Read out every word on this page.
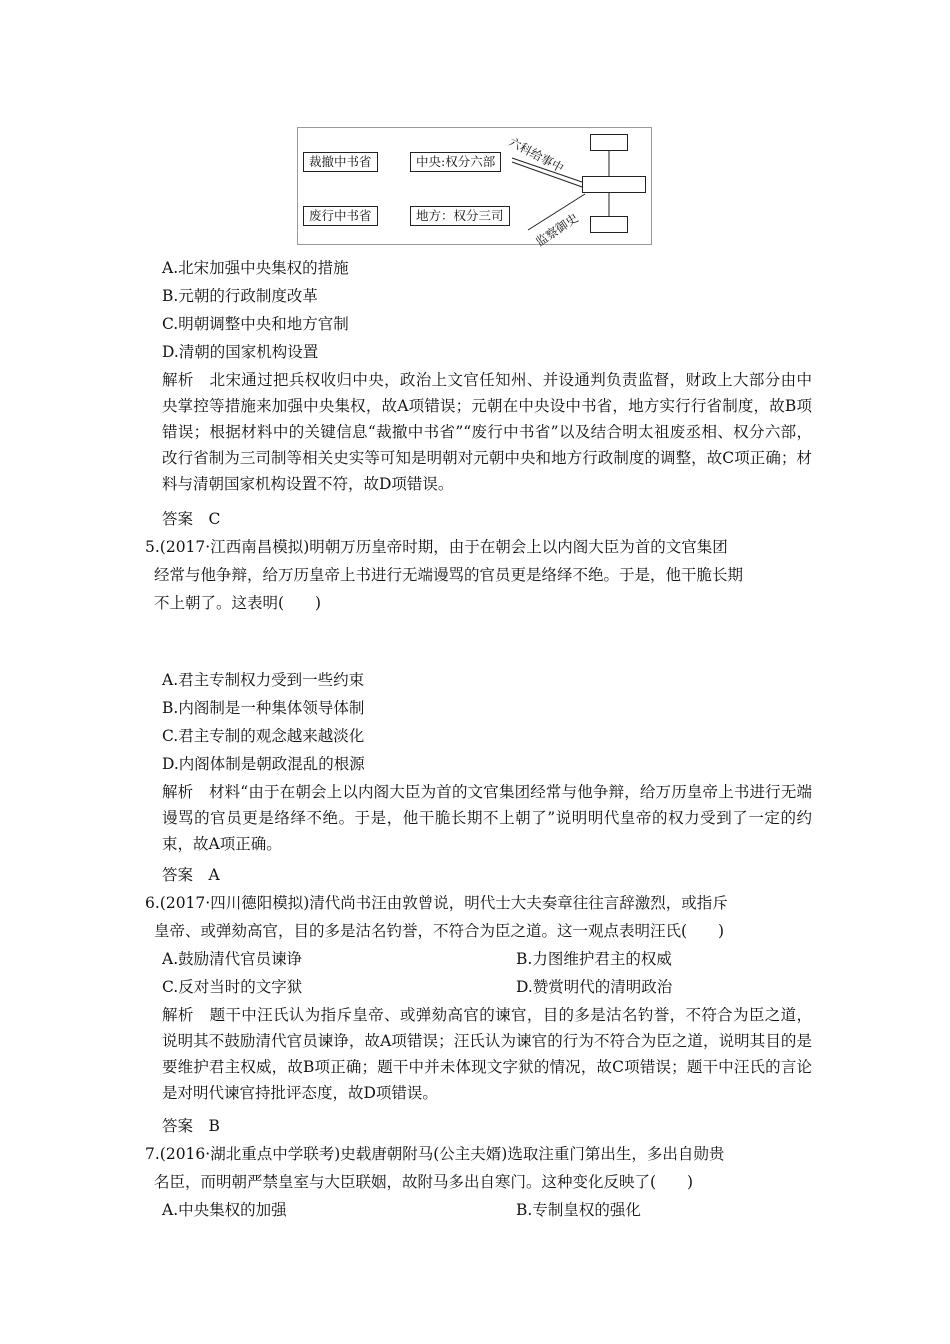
裁撤中书省	中央:权分六部
废行中书省	地方：权分三司
六科给事中
监察御史
A.北宋加强中央集权的措施
B.元朝的行政制度改革
C.明朝调整中央和地方官制
D.清朝的国家机构设置

解析　北宋通过把兵权收归中央，政治上文官任知州、并设通判负责监督，财政上大部分由中央掌控等措施来加强中央集权，故A项错误；元朝在中央设中书省，地方实行行省制度，故B项错误；根据材料中的关键信息“裁撤中书省”“废行中书省”以及结合明太祖废丞相、权分六部，改行省制为三司制等相关史实等可知是明朝对元朝中央和地方行政制度的调整，故C项正确；材料与清朝国家机构设置不符，故D项错误。

答案　C
5.(2017·江西南昌模拟)明朝万历皇帝时期，由于在朝会上以内阁大臣为首的文官集团
经常与他争辩，给万历皇帝上书进行无端谩骂的官员更是络绎不绝。于是，他干脆长期
不上朝了。这表明(　　)
A.君主专制权力受到一些约束
B.内阁制是一种集体领导体制
C.君主专制的观念越来越淡化
D.内阁体制是朝政混乱的根源

解析　材料“由于在朝会上以内阁大臣为首的文官集团经常与他争辩，给万历皇帝上书进行无端谩骂的官员更是络绎不绝。于是，他干脆长期不上朝了”说明明代皇帝的权力受到了一定的约束，故A项正确。

答案　A
6.(2017·四川德阳模拟)清代尚书汪由敦曾说，明代士大夫奏章往往言辞激烈，或指斥
皇帝、或弹劾高官，目的多是沽名钓誉，不符合为臣之道。这一观点表明汪氏(　　)
A.鼓励清代官员谏诤	B.力图维护君主的权威
C.反对当时的文字狱	D.赞赏明代的清明政治

解析　题干中汪氏认为指斥皇帝、或弹劾高官的谏官，目的多是沽名钓誉，不符合为臣之道，说明其不鼓励清代官员谏诤，故A项错误；汪氏认为谏官的行为不符合为臣之道，说明其目的是要维护君主权威，故B项正确；题干中并未体现文字狱的情况，故C项错误；题干中汪氏的言论是对明代谏官持批评态度，故D项错误。

答案　B
7.(2016·湖北重点中学联考)史载唐朝附马(公主夫婿)选取注重门第出生，多出自勋贵
名臣，而明朝严禁皇室与大臣联姻，故附马多出自寒门。这种变化反映了(　　)
A.中央集权的加强	B.专制皇权的强化
